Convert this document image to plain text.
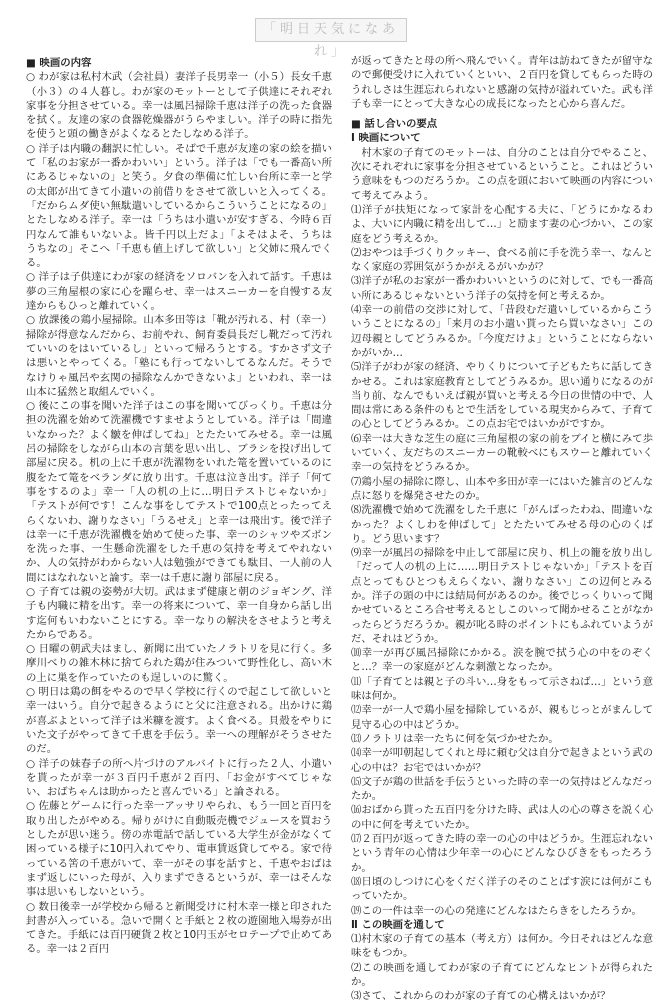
「明日天気になあれ」
■ 映画の内容

○ わが家は私村木武（会社員）妻洋子長男幸一（小５）長女千恵（小３）の４人暮し。わが家のモットーとして子供達にそれぞれ家事を分担させている。幸一は風呂掃除千恵は洋子の洗った食器を拭く。友達の家の食器乾燥器がうらやましい。洋子の時に指先を使うと頭の働きがよくなるとたしなめる洋子。

○ 洋子は内職の翻訳に忙しい。そばで千恵が友達の家の絵を描いて「私のお家が一番かわいい」という。洋子は「でも一番高い所にあるじゃないの」と笑う。夕食の準備に忙しい台所に幸一と学の太郎が出てきて小遣いの前借りをさせて欲しいと入ってくる。「だからムダ使い無駄遣いしているからこういうことになるの」とたしなめる洋子。幸一は「うちは小遣いが安すぎる、今時６百円なんて誰もいないよ。皆千円以上だよ」「よそはよそ、うちはうちなの」そこへ「千恵も値上げして欲しい」と父姉に飛んでくる。

○ 洋子は子供達にわが家の経済をソロバンを入れて話す。千恵は夢の三角屋根の家に心を躍らせ、幸一はスニーカーを自慢する友達からもひっと離れていく。

○ 放課後の鶏小屋掃除。山本多田等は「靴が汚れる、村（幸一）掃除が得意なんだから、お前やれ、飼育委員長だし靴だって汚れていいのをはいているし」といって帰ろうとする。すかさず文子は悪いとやってくる。「塾にも行ってないしてるなんだ。そうでなけりゃ風呂や玄関の掃除なんかできないよ」といわれ、幸一は山本に猛然と取組んでいく。

○ 後にこの事を聞いた洋子はこの事を聞いてびっくり。千恵は分担の洗濯を始めて洗濯機ですませようとしている。洋子は「間違いなかった？よく皺を伸ばしてね」とたたいてみせる。幸一は風呂の掃除をしながら山本の言葉を思い出し、ブラシを投げ出して部屋に戻る。机の上に千恵が洗濯物をいれた篭を置いているのに腹をたて篭をベランダに放り出す。千恵は泣き出す。洋子「何て事をするのよ」幸一「人の机の上に…明日テストじゃないか」「テストが何です！こんな事をしてテストで100点とったってえらくないわ、謝りなさい」「うるせえ」と幸一は飛出す。後で洋子は幸一に千恵が洗濯機を始めて使った事、幸一のシャツやズボンを洗った事、一生懸命洗濯をした千恵の気持を考えてやれないか、人の気持がわからない人は勉強ができても駄目、一人前の人間にはなれないと論す。幸一は千恵に謝り部屋に戻る。

○ 子育ては親の姿勢が大切。武はまず健康と朝のジョギング、洋子も内職に精を出す。幸一の将来について、幸一自身から話し出す迄何もいわないことにする。幸一なりの解決をさせようと考えたからである。

○ 日曜の朝武夫はまし、新聞に出ていたノラトリを見に行く。多摩川べりの雑木林に捨てられた鶏が住みついて野性化し、高い木の上に巣を作っていたのも逞しいのに驚く。

○ 明日は鶏の餌をやるので早く学校に行くので起こして欲しいと幸一はいう。自分で起きるようにと父に注意される。出かけに鶏が喜ぶよといって洋子は米糠を渡す。よく食べる。貝殻をやりにいた文子がやってきて千恵を手伝う。幸一への理解がそうさせたのだ。

○ 洋子の妹春子の所へ片づけのアルバイトに行った２人、小遣いを貰ったが幸一が３百円千恵が２百円、「お金がすべてじゃない、おばちゃんは助かったと喜んでいる」と論される。

○ 佐藤とゲームに行った幸一アッサリやられ、もう一回と百円を取り出したがやめる。帰りがけに自動販売機でジュースを買おうとしたが思い迷う。傍の赤電話で話している大学生が金がなくて困っている様子に10円入れてやり、電車賃返貸してやる。家で待っている筈の千恵がいて、幸一がその事を話すと、千恵やおばはまず返しにいった母が、入りまずできるというが、幸一はそんな事は思いもしないという。

○ 数日後幸一が学校から帰ると新聞受けに村木幸一様と印された封書が入っている。急いで開くと手紙と２枚の遊園地入場券が出てきた。手紙には百円硬貨２枚と10円玉がセロテープで止めてある。幸一は２百円

が返ってきたと母の所へ飛んでいく。青年は訪ねてきたが留守なので郵便受けに入れていくといい、２百円を貸してもらった時のうれしさは生涯忘れられないと感謝の気持が溢れていた。武も洋子も幸一にとって大きな心の成長になったと心から喜んだ。

■ 話し合いの要点
Ⅰ 映画について

　村木家の子育てのモットーは、自分のことは自分でやること、次にそれぞれに家事を分担させているということ。これはどういう意味をもつのだろうか。この点を頭において映画の内容について考えてみよう。

⑴洋子が扶矩になって家計を心配する夫に、「どうにかなるわよ、大いに内職に精を出して…」と励ます妻の心づかい、この家庭をどう考えるか。

⑵おやつは手づくりクッキー、食べる前に手を洗う幸一、なんとなく家庭の雰囲気がうかがえるがいかが？

⑶洋子が私のお家が一番かわいいというのに対して、でも一番高い所にあるじゃないという洋子の気持を何と考えるか。

⑷幸一の前借の交渉に対して、「昔段むだ遣いしているからこういうことになるの」「来月のお小遣い貰ったら買いなさい」この辺母親としてどうみるか。「今度だけよ」ということにならないかがいか…

⑸洋子がわが家の経済、やりくりについて子どもたちに話してきかせる。これは家庭教育としてどうみるか。思い通りになるのが当り前、なんでもいえば親が買いと考える今日の世情の中で、人間は常にある条件のもとで生活をしている現実からみて、子育ての心としてどうみるか。この点お宅ではいかがですか。

⑹幸一は大きな芝生の庭に三角屋根の家の前をブイと横にみて歩いていく、友だちのスニーカーの靴較べにもスウーと離れていく幸一の気持をどうみるか。

⑺鶏小屋の掃除に際し、山本や多田が幸一にはいた雑言のどんな点に怒りを爆発させたのか。

⑻洗濯機で始めて洗濯をした千恵に「がんばったわね、間違いなかった？よくしわを伸ばして」とたたいてみせる母の心のくばり。どう思います？

⑼幸一が風呂の掃除を中止して部屋に戻り、机上の籠を放り出し「だって人の机の上に……明日テストじゃないか」「テストを百点とってもひとつもえらくない、謝りなさい」この辺何とみるか。洋子の頭の中には結局何があるのか。後でじっくりいって聞かせているところ合せ考えるとしこのいって聞かせることがなかったらどうだろうか。親が叱る時のポイントにもふれていようがだ、それはどうか。

⑽幸一が再び風呂掃除にかかる。涙を腕で拭う心の中をのぞくと…？幸一の家庭がどんな刺激となったか。

⑾「子育てとは親と子の斗い…身をもって示さねば…」という意味は何か。

⑿幸一が一人で鶏小屋を掃除しているが、親もじっとがまんして見守る心の中はどうか。

⒀ノラトリは幸一たちに何を気づかせたか。

⒁幸一が叩朝起してくれと母に頼む父は自分で起きよという武の心の中は？お宅ではいかが？

⒂文子が鶏の世話を手伝うといった時の幸一の気持はどんなだったか。

⒃おばから貰った五百円を分けた時、武は人の心の尊さを説く心の中に何を考えていたか。

⒄２百円が返ってきた時の幸一の心の中はどうか。生涯忘れないという青年の心情は少年幸一の心にどんなひびきをもったろうか。

⒅日頃のしつけに心をくだく洋子のそのことばす涙には何がこもっていたか。

⒆この一件は幸一の心の発達にどんなはたらきをしたろうか。

Ⅱ この映画を通して

⑴村木家の子育ての基本（考え方）は何か。今日それはどんな意味をもつか。

⑵この映画を通してわが家の子育てにどんなヒントが得られたか。

⑶さて、これからのわが家の子育ての心構えはいかが？
